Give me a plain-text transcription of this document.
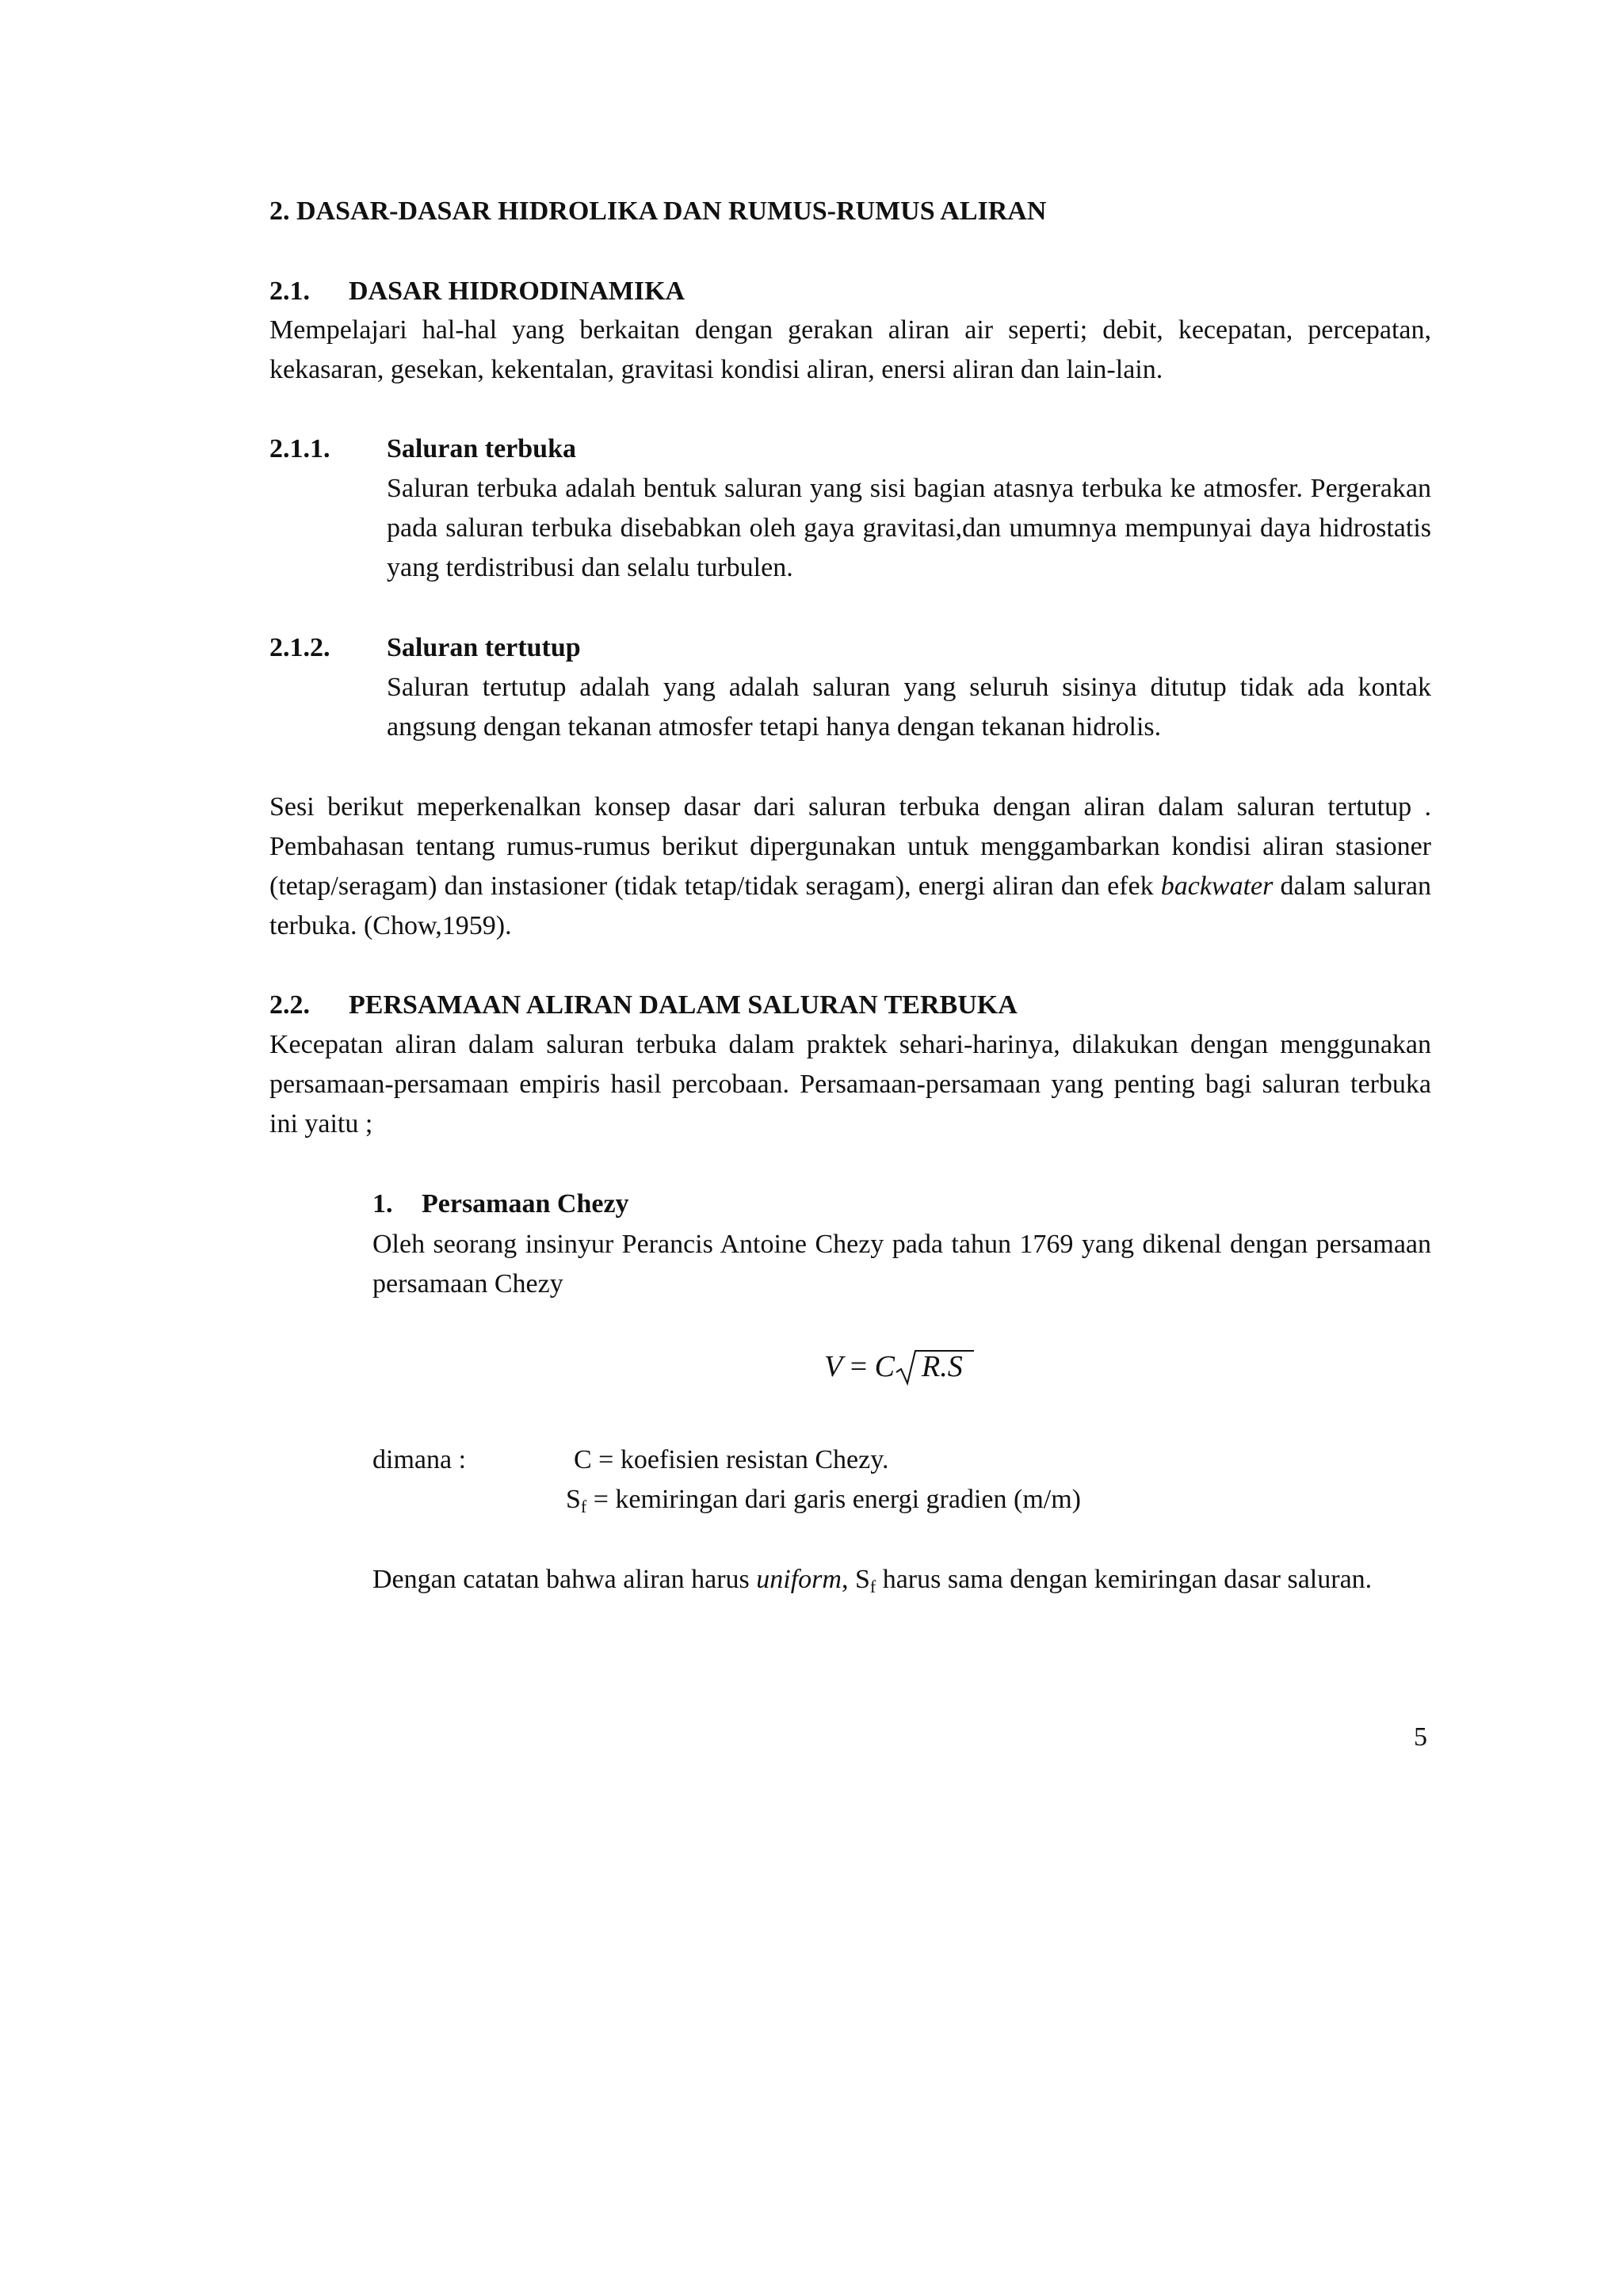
2. DASAR-DASAR HIDROLIKA DAN RUMUS-RUMUS ALIRAN
2.1. DASAR HIDRODINAMIKA
Mempelajari hal-hal yang berkaitan dengan gerakan aliran air seperti; debit, kecepatan, percepatan, kekasaran, gesekan, kekentalan, gravitasi kondisi aliran, enersi aliran dan lain-lain.
2.1.1. Saluran terbuka
Saluran terbuka adalah bentuk saluran yang sisi bagian atasnya terbuka ke atmosfer. Pergerakan pada saluran terbuka disebabkan oleh gaya gravitasi,dan umumnya mempunyai daya hidrostatis yang terdistribusi dan selalu turbulen.
2.1.2. Saluran tertutup
Saluran tertutup adalah yang adalah saluran yang seluruh sisinya ditutup tidak ada kontak angsung dengan tekanan atmosfer tetapi hanya dengan tekanan hidrolis.
Sesi berikut meperkenalkan konsep dasar dari saluran terbuka dengan aliran dalam saluran tertutup . Pembahasan tentang rumus-rumus berikut dipergunakan untuk menggambarkan kondisi aliran stasioner (tetap/seragam) dan instasioner (tidak tetap/tidak seragam), energi aliran dan efek backwater dalam saluran terbuka. (Chow,1959).
2.2. PERSAMAAN ALIRAN DALAM SALURAN TERBUKA
Kecepatan aliran dalam saluran terbuka dalam praktek sehari-harinya, dilakukan dengan menggunakan persamaan-persamaan empiris hasil percobaan. Persamaan-persamaan yang penting bagi saluran terbuka ini yaitu ;
1. Persamaan Chezy
Oleh seorang insinyur Perancis Antoine Chezy pada tahun 1769 yang dikenal dengan persamaan persamaan Chezy
V = C R.S
dimana :	C = koefisien resistan Chezy.
$S_f$ = kemiringan dari garis energi gradien (m/m)
Dengan catatan bahwa aliran harus uniform, $S_f$ harus sama dengan kemiringan dasar saluran.
5
